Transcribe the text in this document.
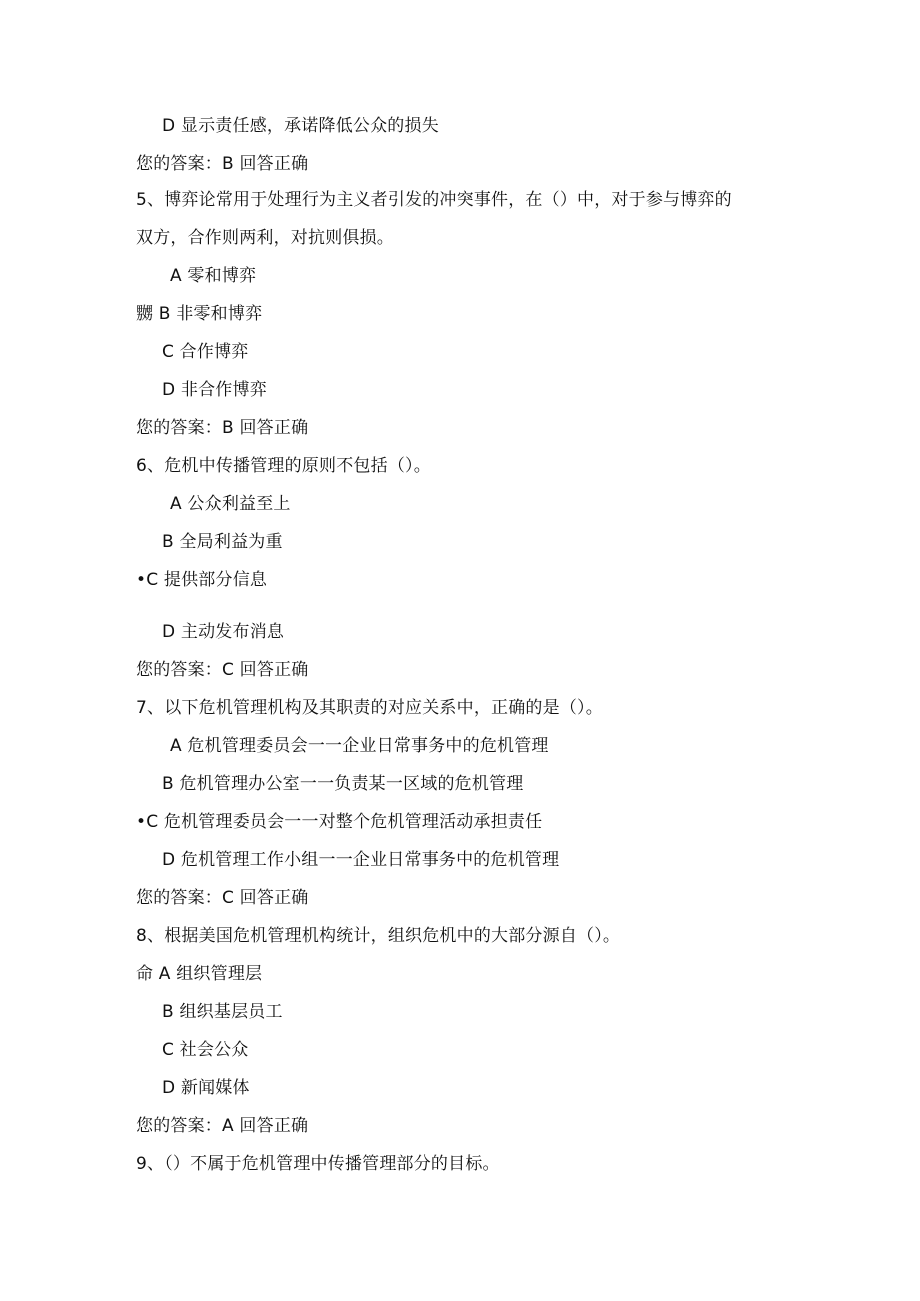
D 显示责任感，承诺降低公众的损失
您的答案：B 回答正确
5、博弈论常用于处理行为主义者引发的冲突事件，在（）中，对于参与博弈的
双方，合作则两利，对抗则俱损。
A 零和博弈
嬲 B 非零和博弈
C 合作博弈
D 非合作博弈
您的答案：B 回答正确
6、危机中传播管理的原则不包括（）。
A 公众利益至上
B 全局利益为重
•C 提供部分信息
D 主动发布消息
您的答案：C 回答正确
7、以下危机管理机构及其职责的对应关系中，正确的是（）。
A 危机管理委员会一一企业日常事务中的危机管理
B 危机管理办公室一一负责某一区域的危机管理
•C 危机管理委员会一一对整个危机管理活动承担责任
D 危机管理工作小组一一企业日常事务中的危机管理
您的答案：C 回答正确
8、根据美国危机管理机构统计，组织危机中的大部分源自（）。
命 A 组织管理层
B 组织基层员工
C 社会公众
D 新闻媒体
您的答案：A 回答正确
9、（）不属于危机管理中传播管理部分的目标。
